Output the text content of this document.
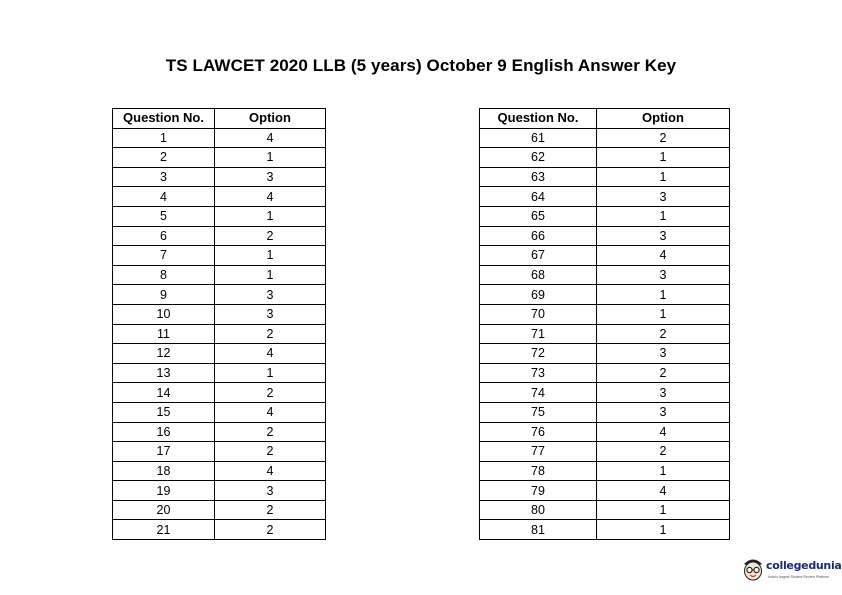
TS LAWCET 2020 LLB (5 years) October 9 English Answer Key
Question No.	Option
1	4
2	1
3	3
4	4
5	1
6	2
7	1
8	1
9	3
10	3
11	2
12	4
13	1
14	2
15	4
16	2
17	2
18	4
19	3
20	2
21	2
Question No.	Option
61	2
62	1
63	1
64	3
65	1
66	3
67	4
68	3
69	1
70	1
71	2
72	3
73	2
74	3
75	3
76	4
77	2
78	1
79	4
80	1
81	1
collegedunia
India's largest Student Review Platform
